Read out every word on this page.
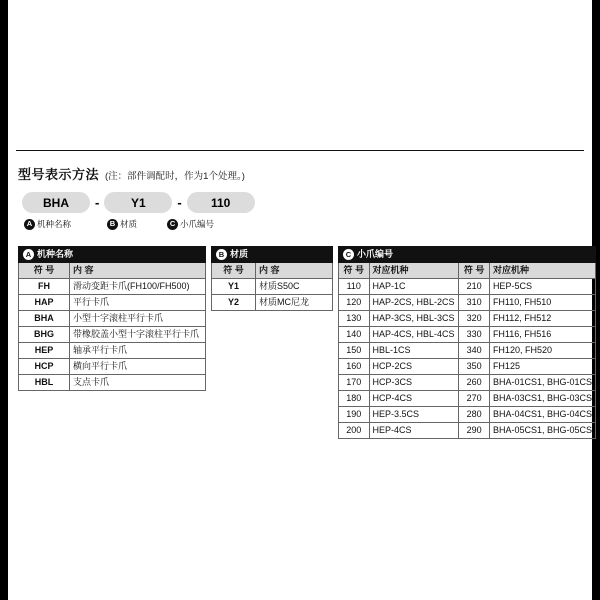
型号表示方法 (注：部件调配时，作为1个处理。)
BHA	-	Y1	-	110
A 机种名称	B 材质	C 小爪编号
A 机种名称	
符 号	内 容
FH	滑动变距卡爪(FH100/FH500)
HAP	平行卡爪
BHA	小型十字滚柱平行卡爪
BHG	带橡胶盖小型十字滚柱平行卡爪
HEP	轴承平行卡爪
HCP	横向平行卡爪
HBL	支点卡爪
B 材质	
符 号	内 容
Y1	材质S50C
Y2	材质MC尼龙
C 小爪编号			
符 号	对应机种	符 号	对应机种
110	HAP-1C	210	HEP-5CS
120	HAP-2CS, HBL-2CS	310	FH110, FH510
130	HAP-3CS, HBL-3CS	320	FH112, FH512
140	HAP-4CS, HBL-4CS	330	FH116, FH516
150	HBL-1CS	340	FH120, FH520
160	HCP-2CS	350	FH125
170	HCP-3CS	260	BHA-01CS1, BHG-01CS
180	HCP-4CS	270	BHA-03CS1, BHG-03CS
190	HEP-3.5CS	280	BHA-04CS1, BHG-04CS
200	HEP-4CS	290	BHA-05CS1, BHG-05CS
